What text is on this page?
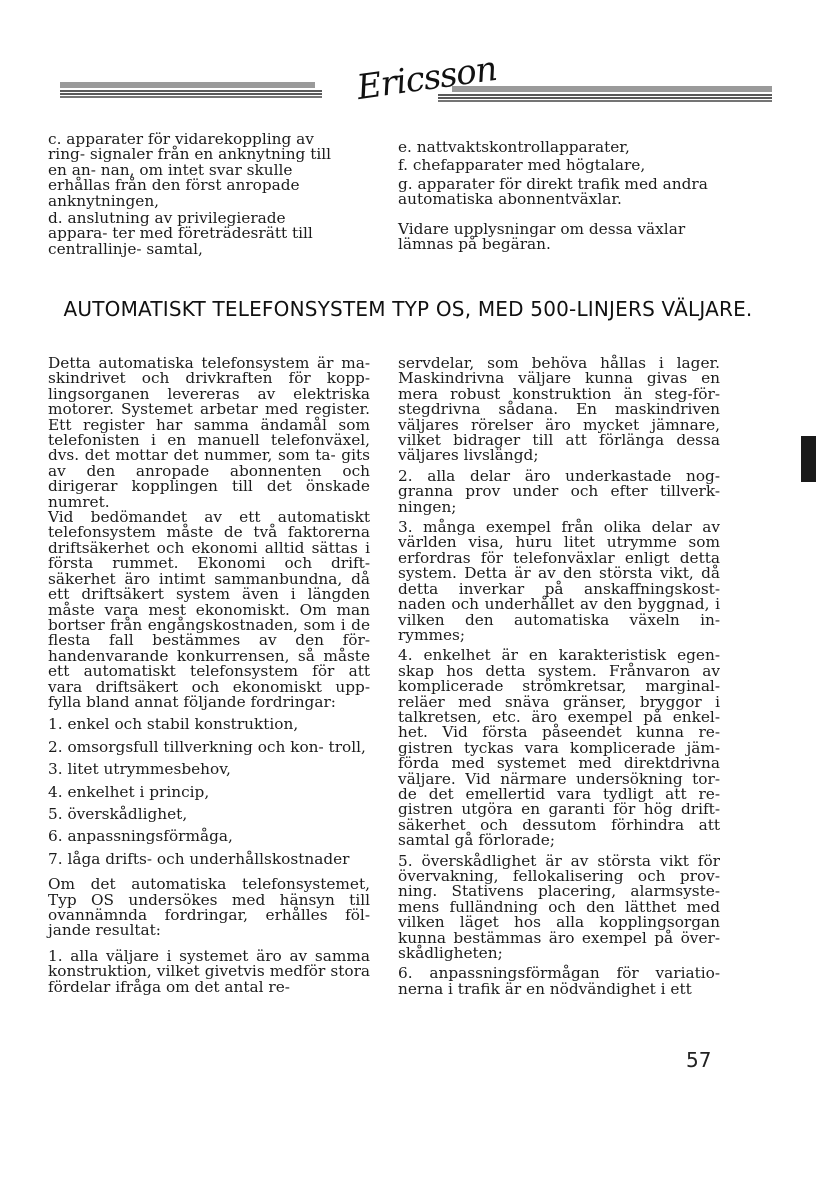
Ericsson
c. apparater för vidarekoppling av ring- signaler från en anknytning till en an- nan, om intet svar skulle erhållas från den först anropade anknytningen,
d. anslutning av privilegierade appara- ter med företrädesrätt till centrallinje- samtal,
e. nattvaktskontrollapparater,
f. chefapparater med högtalare,
g. apparater för direkt trafik med andra automatiska abonnentväxlar.
Vidare upplysningar om dessa växlar lämnas på begäran.
AUTOMATISKT TELEFONSYSTEM TYP OS, MED 500-LINJERS VÄLJARE.

Detta automatiska telefonsystem är ma- skindrivet och drivkraften för kopp- lingsorganen levereras av elektriska motorer. Systemet arbetar med register. Ett register har samma ändamål som telefonisten i en manuell telefonväxel, dvs. det mottar det nummer, som ta- gits av den anropade abonnenten och dirigerar kopplingen till det önskade numret.

Vid bedömandet av ett automatiskt telefonsystem måste de två faktorerna driftsäkerhet och ekonomi alltid sättas i första rummet. Ekonomi och drift- säkerhet äro intimt sammanbundna, då ett driftsäkert system även i längden måste vara mest ekonomiskt. Om man bortser från engångskostnaden, som i de flesta fall bestämmes av den för- handenvarande konkurrensen, så måste ett automatiskt telefonsystem för att vara driftsäkert och ekonomiskt upp- fylla bland annat följande fordringar:

1. enkel och stabil konstruktion,
2. omsorgsfull tillverkning och kon- troll,
3. litet utrymmesbehov,
4. enkelhet i princip,
5. överskådlighet,
6. anpassningsförmåga,
7. låga drifts- och underhållskostnader

Om det automatiska telefonsystemet, Typ OS undersökes med hänsyn till ovannämnda fordringar, erhålles föl- jande resultat:

1. alla väljare i systemet äro av samma konstruktion, vilket givetvis medför stora fördelar ifråga om det antal re-

servdelar, som behöva hållas i lager. Maskindrivna väljare kunna givas en mera robust konstruktion än steg-för- stegdrivna sådana. En maskindriven väljares rörelser äro mycket jämnare, vilket bidrager till att förlänga dessa väljares livslängd;
2. alla delar äro underkastade nog- granna prov under och efter tillverk- ningen;
3. många exempel från olika delar av världen visa, huru litet utrymme som erfordras för telefonväxlar enligt detta system. Detta är av den största vikt, då detta inverkar på anskaffningskost- naden och underhållet av den byggnad, i vilken den automatiska växeln in- rymmes;
4. enkelhet är en karakteristisk egen- skap hos detta system. Frånvaron av komplicerade strömkretsar, marginal- reläer med snäva gränser, bryggor i talkretsen, etc. äro exempel på enkel- het. Vid första påseendet kunna re- gistren tyckas vara komplicerade jäm- förda med systemet med direktdrivna väljare. Vid närmare undersökning tor- de det emellertid vara tydligt att re- gistren utgöra en garanti för hög drift- säkerhet och dessutom förhindra att samtal gå förlorade;
5. överskådlighet är av största vikt för övervakning, fellokalisering och prov- ning. Stativens placering, alarmsyste- mens fulländning och den lätthet med vilken läget hos alla kopplingsorgan kunna bestämmas äro exempel på över- skådligheten;
6. anpassningsförmågan för variatio- nerna i trafik är en nödvändighet i ett
57
